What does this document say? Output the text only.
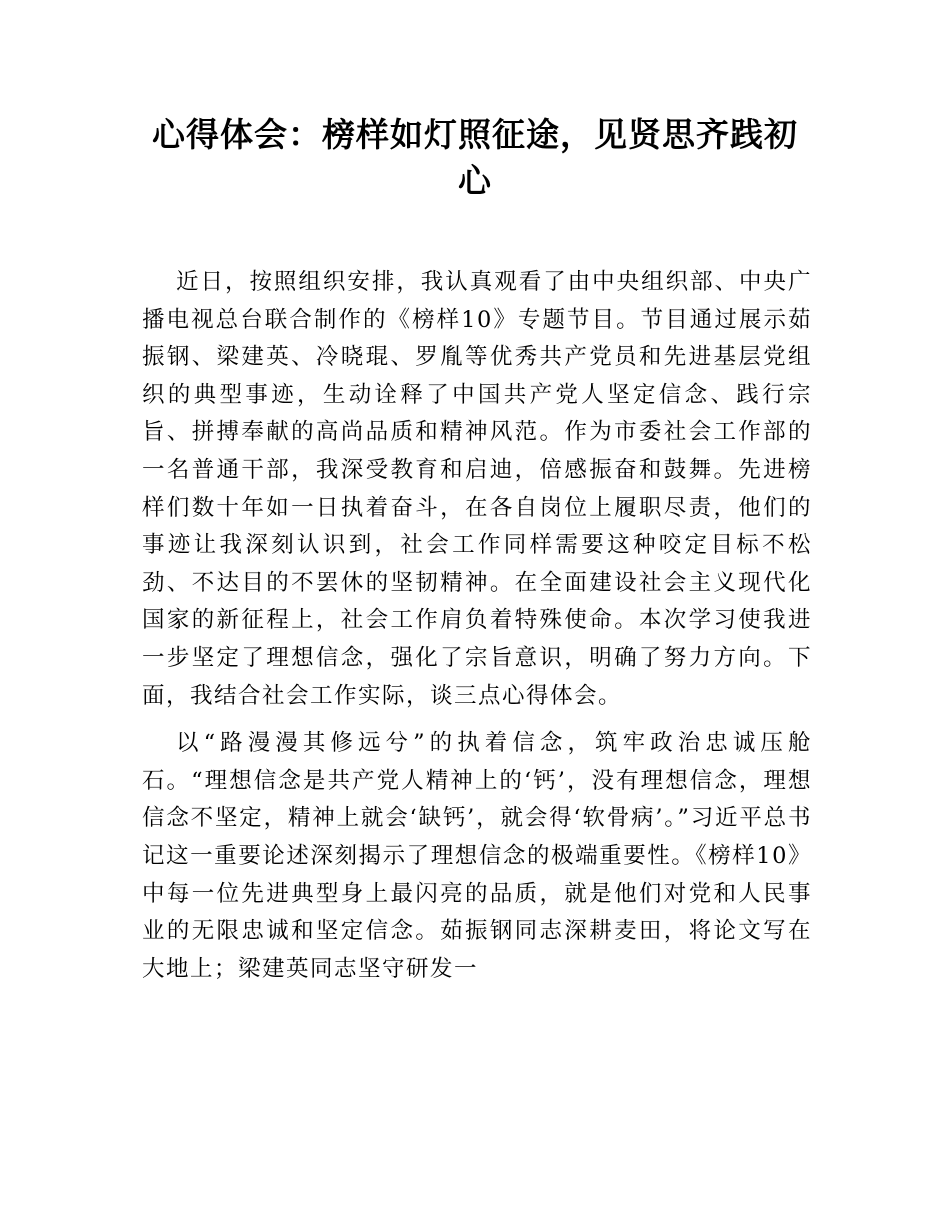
心得体会：榜样如灯照征途，见贤思齐践初心

近日，按照组织安排，我认真观看了由中央组织部、中央广播电视总台联合制作的《榜样10》专题节目。节目通过展示茹振钢、梁建英、冷晓琨、罗胤等优秀共产党员和先进基层党组织的典型事迹，生动诠释了中国共产党人坚定信念、践行宗旨、拼搏奉献的高尚品质和精神风范。作为市委社会工作部的一名普通干部，我深受教育和启迪，倍感振奋和鼓舞。先进榜样们数十年如一日执着奋斗，在各自岗位上履职尽责，他们的事迹让我深刻认识到，社会工作同样需要这种咬定目标不松劲、不达目的不罢休的坚韧精神。在全面建设社会主义现代化国家的新征程上，社会工作肩负着特殊使命。本次学习使我进一步坚定了理想信念，强化了宗旨意识，明确了努力方向。下面，我结合社会工作实际，谈三点心得体会。

以“路漫漫其修远兮”的执着信念，筑牢政治忠诚压舱石。“理想信念是共产党人精神上的‘钙’，没有理想信念，理想信念不坚定，精神上就会‘缺钙’，就会得‘软骨病’。”习近平总书记这一重要论述深刻揭示了理想信念的极端重要性。《榜样10》中每一位先进典型身上最闪亮的品质，就是他们对党和人民事业的无限忠诚和坚定信念。茹振钢同志深耕麦田，将论文写在大地上；梁建英同志坚守研发一
